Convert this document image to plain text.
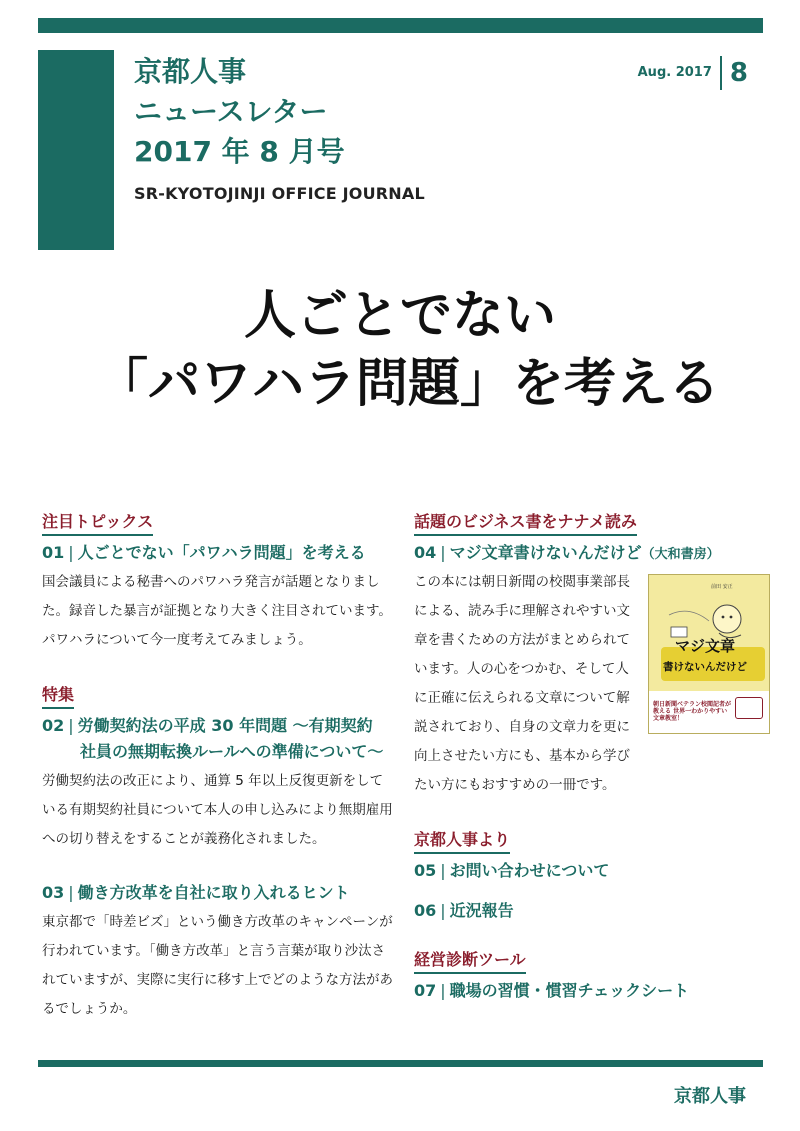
京都人事
ニュースレター
2017 年 8 月号
SR-KYOTOJINJI OFFICE JOURNAL
Aug. 2017 8
人ごとでない
「パワハラ問題」を考える
注目トピックス
01 | 人ごとでない「パワハラ問題」を考える
国会議員による秘書へのパワハラ発言が話題となりました。録音した暴言が証拠となり大きく注目されています。パワハラについて今一度考えてみましょう。
特集
02 | 労働契約法の平成 30 年問題 ～有期契約
社員の無期転換ルールへの準備について～
労働契約法の改正により、通算 5 年以上反復更新をしている有期契約社員について本人の申し込みにより無期雇用への切り替えをすることが義務化されました。
03 | 働き方改革を自社に取り入れるヒント
東京都で「時差ビズ」という働き方改革のキャンペーンが行われています。「働き方改革」と言う言葉が取り沙汰されていますが、実際に実行に移す上でどのような方法があるでしょうか。
話題のビジネス書をナナメ読み
04 | マジ文章書けないんだけど（大和書房）
この本には朝日新聞の校閲事業部長による、読み手に理解されやすい文章を書くための方法がまとめられています。人の心をつかむ、そして人に正確に伝えられる文章について解説されており、自身の文章力を更に向上させたい方にも、基本から学びたい方にもおすすめの一冊です。
前田 安正
マジ文章
書けないんだけど
朝日新聞ベテラン校閲記者が教える 世界一わかりやすい文章教室！
京都人事より
05 | お問い合わせについて
06 | 近況報告
経営診断ツール
07 | 職場の習慣・慣習チェックシート
京都人事
